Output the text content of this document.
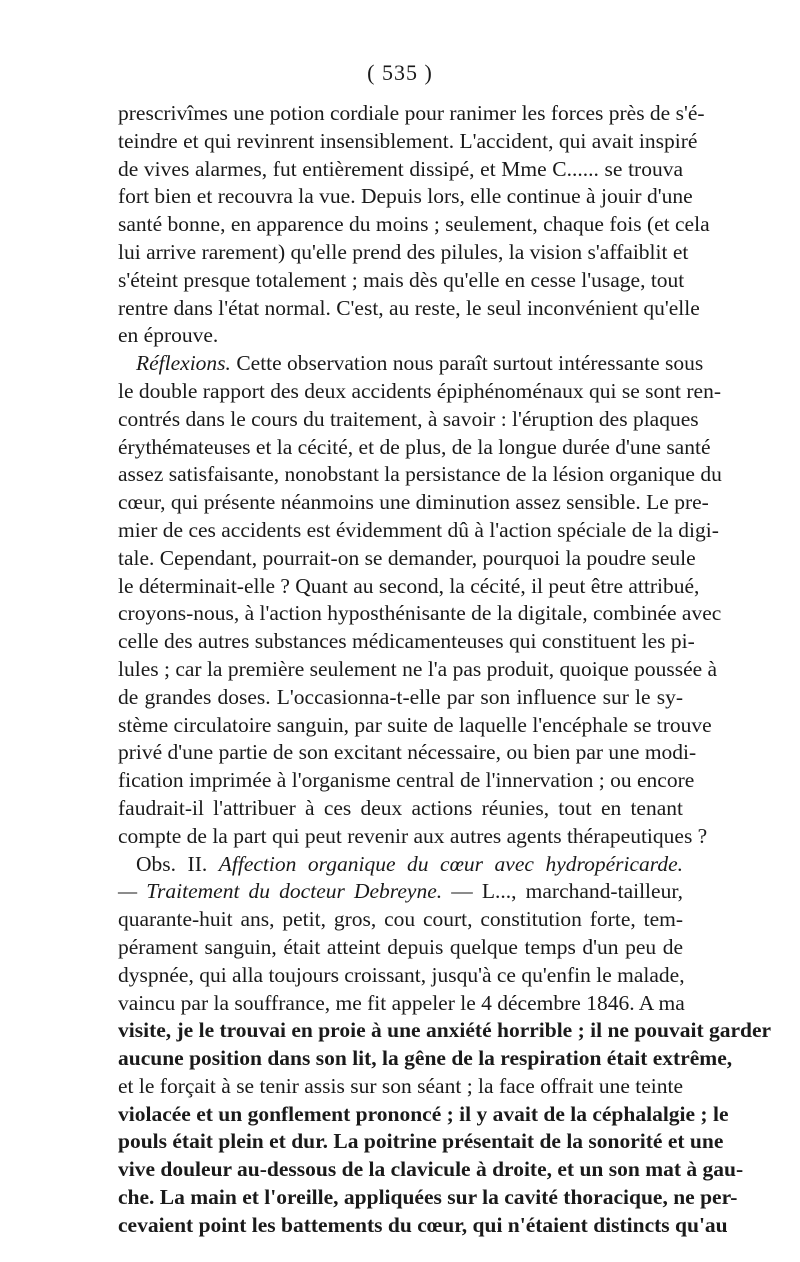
( 535 )
prescrivîmes une potion cordiale pour ranimer les forces près de s'é-
teindre et qui revinrent insensiblement. L'accident, qui avait inspiré
de vives alarmes, fut entièrement dissipé, et Mme C...... se trouva
fort bien et recouvra la vue. Depuis lors, elle continue à jouir d'une
santé bonne, en apparence du moins ; seulement, chaque fois (et cela
lui arrive rarement) qu'elle prend des pilules, la vision s'affaiblit et
s'éteint presque totalement ; mais dès qu'elle en cesse l'usage, tout
rentre dans l'état normal. C'est, au reste, le seul inconvénient qu'elle
en éprouve.
Réflexions. Cette observation nous paraît surtout intéressante sous
le double rapport des deux accidents épiphénoménaux qui se sont ren-
contrés dans le cours du traitement, à savoir : l'éruption des plaques
érythémateuses et la cécité, et de plus, de la longue durée d'une santé
assez satisfaisante, nonobstant la persistance de la lésion organique du
cœur, qui présente néanmoins une diminution assez sensible. Le pre-
mier de ces accidents est évidemment dû à l'action spéciale de la digi-
tale. Cependant, pourrait-on se demander, pourquoi la poudre seule
le déterminait-elle ? Quant au second, la cécité, il peut être attribué,
croyons-nous, à l'action hyposthénisante de la digitale, combinée avec
celle des autres substances médicamenteuses qui constituent les pi-
lules ; car la première seulement ne l'a pas produit, quoique poussée à
de grandes doses. L'occasionna-t-elle par son influence sur le sy-
stème circulatoire sanguin, par suite de laquelle l'encéphale se trouve
privé d'une partie de son excitant nécessaire, ou bien par une modi-
fication imprimée à l'organisme central de l'innervation ; ou encore
faudrait-il l'attribuer à ces deux actions réunies, tout en tenant
compte de la part qui peut revenir aux autres agents thérapeutiques ?
Obs. II. Affection organique du cœur avec hydropéricarde.
— Traitement du docteur Debreyne. — L..., marchand-tailleur,
quarante-huit ans, petit, gros, cou court, constitution forte, tem-
pérament sanguin, était atteint depuis quelque temps d'un peu de
dyspnée, qui alla toujours croissant, jusqu'à ce qu'enfin le malade,
vaincu par la souffrance, me fit appeler le 4 décembre 1846. A ma
visite, je le trouvai en proie à une anxiété horrible ; il ne pouvait garder
aucune position dans son lit, la gêne de la respiration était extrême,
et le forçait à se tenir assis sur son séant ; la face offrait une teinte
violacée et un gonflement prononcé ; il y avait de la céphalalgie ; le
pouls était plein et dur. La poitrine présentait de la sonorité et une
vive douleur au-dessous de la clavicule à droite, et un son mat à gau-
che. La main et l'oreille, appliquées sur la cavité thoracique, ne per-
cevaient point les battements du cœur, qui n'étaient distincts qu'au
